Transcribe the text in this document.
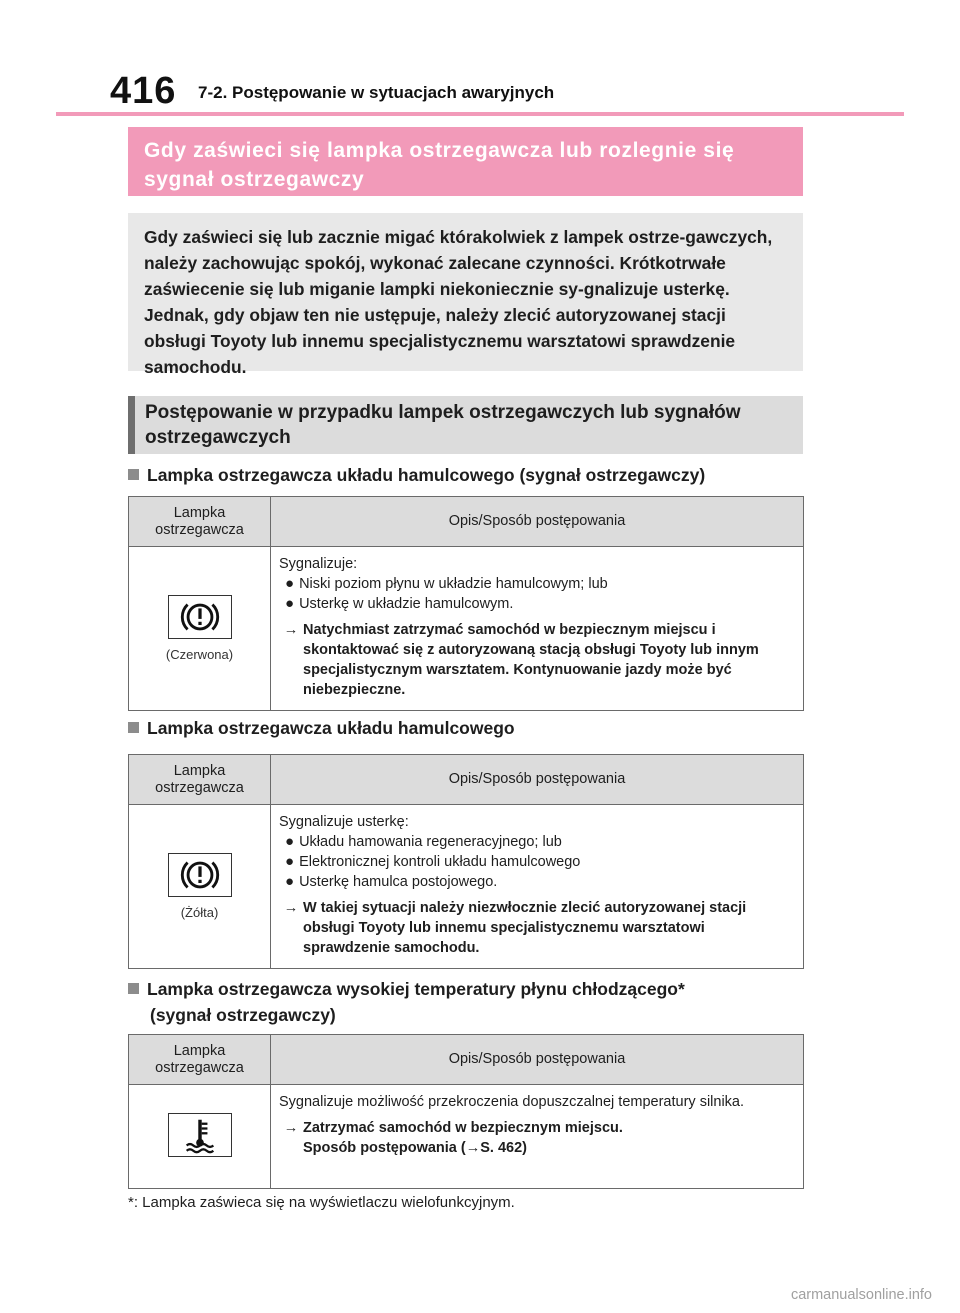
416 7-2. Postępowanie w sytuacjach awaryjnych
Gdy zaświeci się lampka ostrzegawcza lub rozlegnie się sygnał ostrzegawczy
Gdy zaświeci się lub zacznie migać którakolwiek z lampek ostrze-gawczych, należy zachowując spokój, wykonać zalecane czynności. Krótkotrwałe zaświecenie się lub miganie lampki niekoniecznie sy-gnalizuje usterkę. Jednak, gdy objaw ten nie ustępuje, należy zlecić autoryzowanej stacji obsługi Toyoty lub innemu specjalistycznemu warsztatowi sprawdzenie samochodu.
Postępowanie w przypadku lampek ostrzegawczych lub sygnałów ostrzegawczych
Lampka ostrzegawcza układu hamulcowego (sygnał ostrzegawczy)
Lampka ostrzegawcza	Opis/Sposób postępowania

(Czerwona)	Sygnalizuje:
● Niski poziom płynu w układzie hamulcowym; lub
● Usterkę w układzie hamulcowym.
→ Natychmiast zatrzymać samochód w bezpiecznym miejscu i skontaktować się z autoryzowaną stacją obsługi Toyoty lub innym specjalistycznym warsztatem. Kontynuowanie jazdy może być niebezpieczne.
Lampka ostrzegawcza układu hamulcowego
Lampka ostrzegawcza	Opis/Sposób postępowania

(Żółta)	Sygnalizuje usterkę:
● Układu hamowania regeneracyjnego; lub
● Elektronicznej kontroli układu hamulcowego
● Usterkę hamulca postojowego.
→ W takiej sytuacji należy niezwłocznie zlecić autoryzowanej stacji obsługi Toyoty lub innemu specjalistycznemu warsztatowi sprawdzenie samochodu.
Lampka ostrzegawcza wysokiej temperatury płynu chłodzącego*
(sygnał ostrzegawczy)
Lampka ostrzegawcza	Opis/Sposób postępowania

Sygnalizuje możliwość przekroczenia dopuszczalnej temperatury silnika.
→ Zatrzymać samochód w bezpiecznym miejscu.
Sposób postępowania (→S. 462)
*: Lampka zaświeca się na wyświetlaczu wielofunkcyjnym.
carmanualsonline.info
